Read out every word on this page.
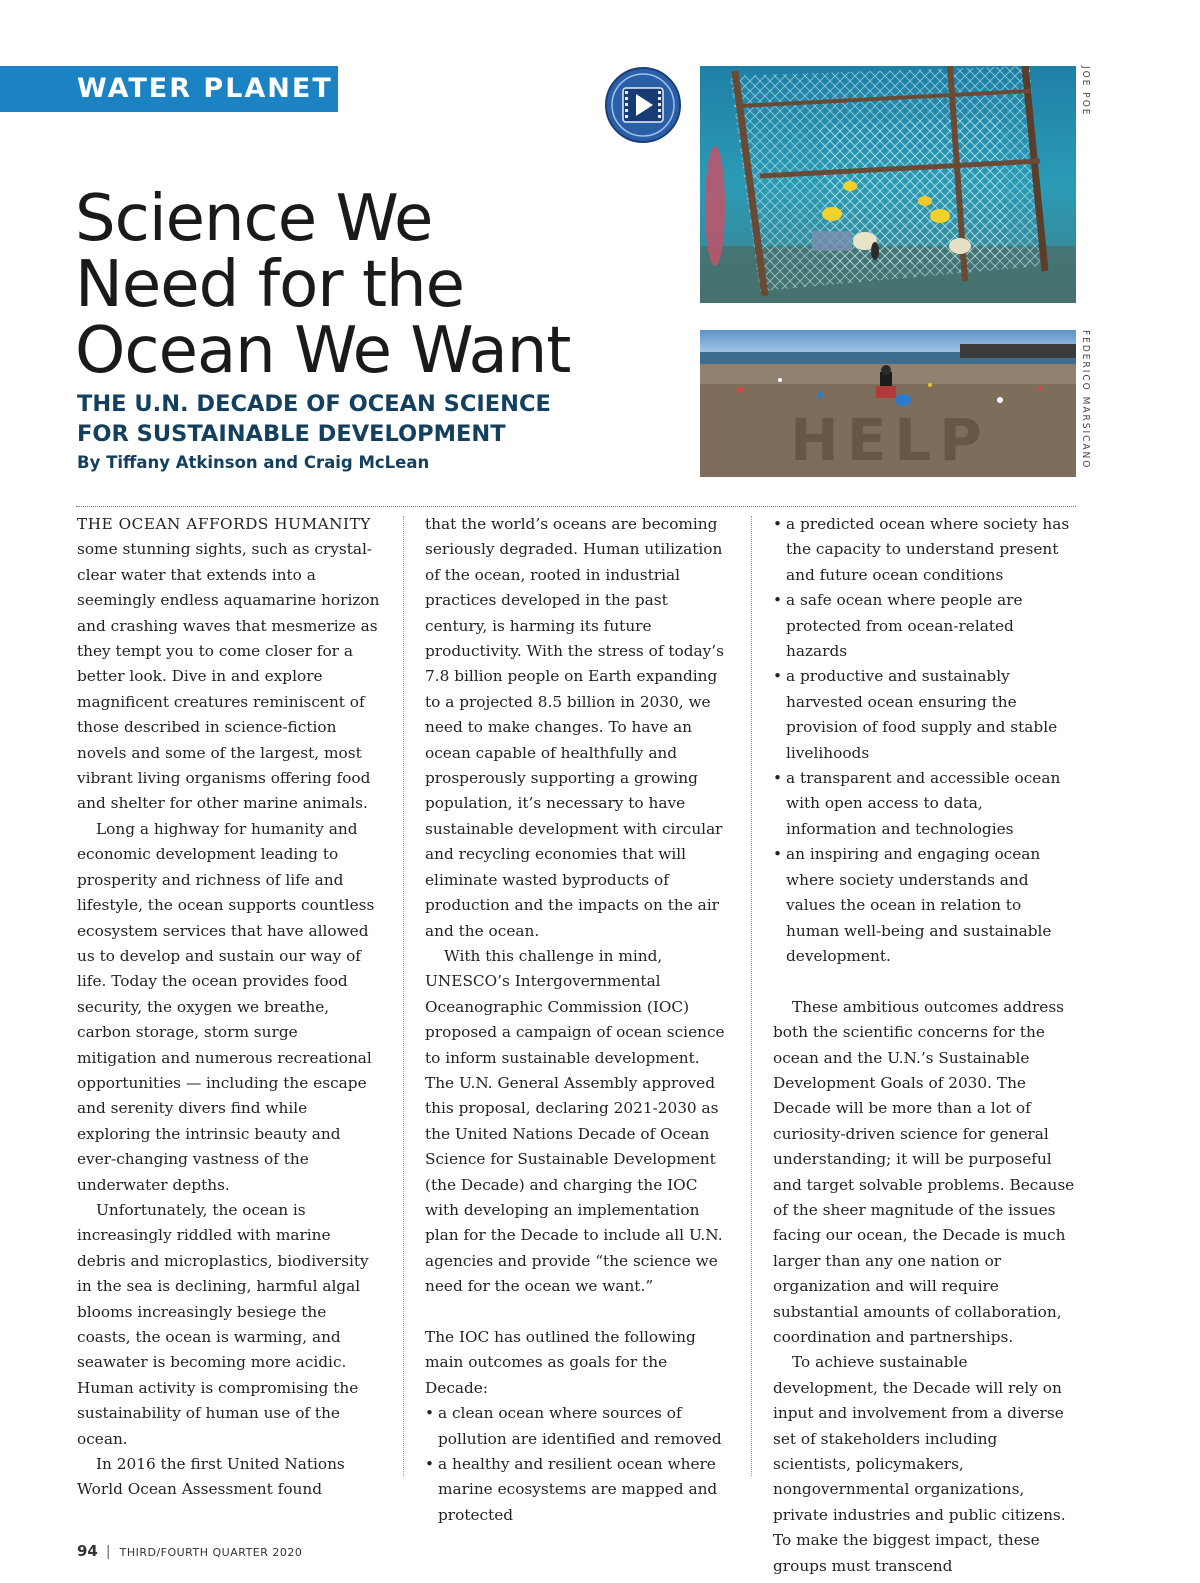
WATER PLANET
Science We
Need for the
Ocean We Want
THE U.N. DECADE OF OCEAN SCIENCE
FOR SUSTAINABLE DEVELOPMENT
By Tiffany Atkinson and Craig McLean
JOE POE
HELP	FEDERICO MARSICANO

THE OCEAN AFFORDS HUMANITY some stunning sights, such as crystal-clear water that extends into a seemingly endless aquamarine horizon and crashing waves that mesmerize as they tempt you to come closer for a better look. Dive in and explore magnificent creatures reminiscent of those described in science-fiction novels and some of the largest, most vibrant living organisms offering food and shelter for other marine animals.

Long a highway for humanity and economic development leading to prosperity and richness of life and lifestyle, the ocean supports countless ecosystem services that have allowed us to develop and sustain our way of life. Today the ocean provides food security, the oxygen we breathe, carbon storage, storm surge mitigation and numerous recreational opportunities — including the escape and serenity divers find while exploring the intrinsic beauty and ever-changing vastness of the underwater depths.

Unfortunately, the ocean is increasingly riddled with marine debris and microplastics, biodiversity in the sea is declining, harmful algal blooms increasingly besiege the coasts, the ocean is warming, and seawater is becoming more acidic. Human activity is compromising the sustainability of human use of the ocean.

In 2016 the first United Nations World Ocean Assessment found

that the world’s oceans are becoming seriously degraded. Human utilization of the ocean, rooted in industrial practices developed in the past century, is harming its future productivity. With the stress of today’s 7.8 billion people on Earth expanding to a projected 8.5 billion in 2030, we need to make changes. To have an ocean capable of healthfully and prosperously supporting a growing population, it’s necessary to have sustainable development with circular and recycling economies that will eliminate wasted byproducts of production and the impacts on the air and the ocean.

With this challenge in mind, UNESCO’s Intergovernmental Oceanographic Commission (IOC) proposed a campaign of ocean science to inform sustainable development. The U.N. General Assembly approved this proposal, declaring 2021-2030 as the United Nations Decade of Ocean Science for Sustainable Development (the Decade) and charging the IOC with developing an implementation plan for the Decade to include all U.N. agencies and provide “the science we need for the ocean we want.”

The IOC has outlined the following main outcomes as goals for the Decade:

• a clean ocean where sources of pollution are identified and removed
• a healthy and resilient ocean where marine ecosystems are mapped and protected
• a predicted ocean where society has the capacity to understand present and future ocean conditions
• a safe ocean where people are protected from ocean-related hazards
• a productive and sustainably harvested ocean ensuring the provision of food supply and stable livelihoods
• a transparent and accessible ocean with open access to data, information and technologies
• an inspiring and engaging ocean where society understands and values the ocean in relation to human well-being and sustainable development.

These ambitious outcomes address both the scientific concerns for the ocean and the U.N.’s Sustainable Development Goals of 2030. The Decade will be more than a lot of curiosity-driven science for general understanding; it will be purposeful and target solvable problems. Because of the sheer magnitude of the issues facing our ocean, the Decade is much larger than any one nation or organization and will require substantial amounts of collaboration, coordination and partnerships.

To achieve sustainable development, the Decade will rely on input and involvement from a diverse set of stakeholders including scientists, policymakers, nongovernmental organizations, private industries and public citizens. To make the biggest impact, these groups must transcend

94 | THIRD/FOURTH QUARTER 2020
